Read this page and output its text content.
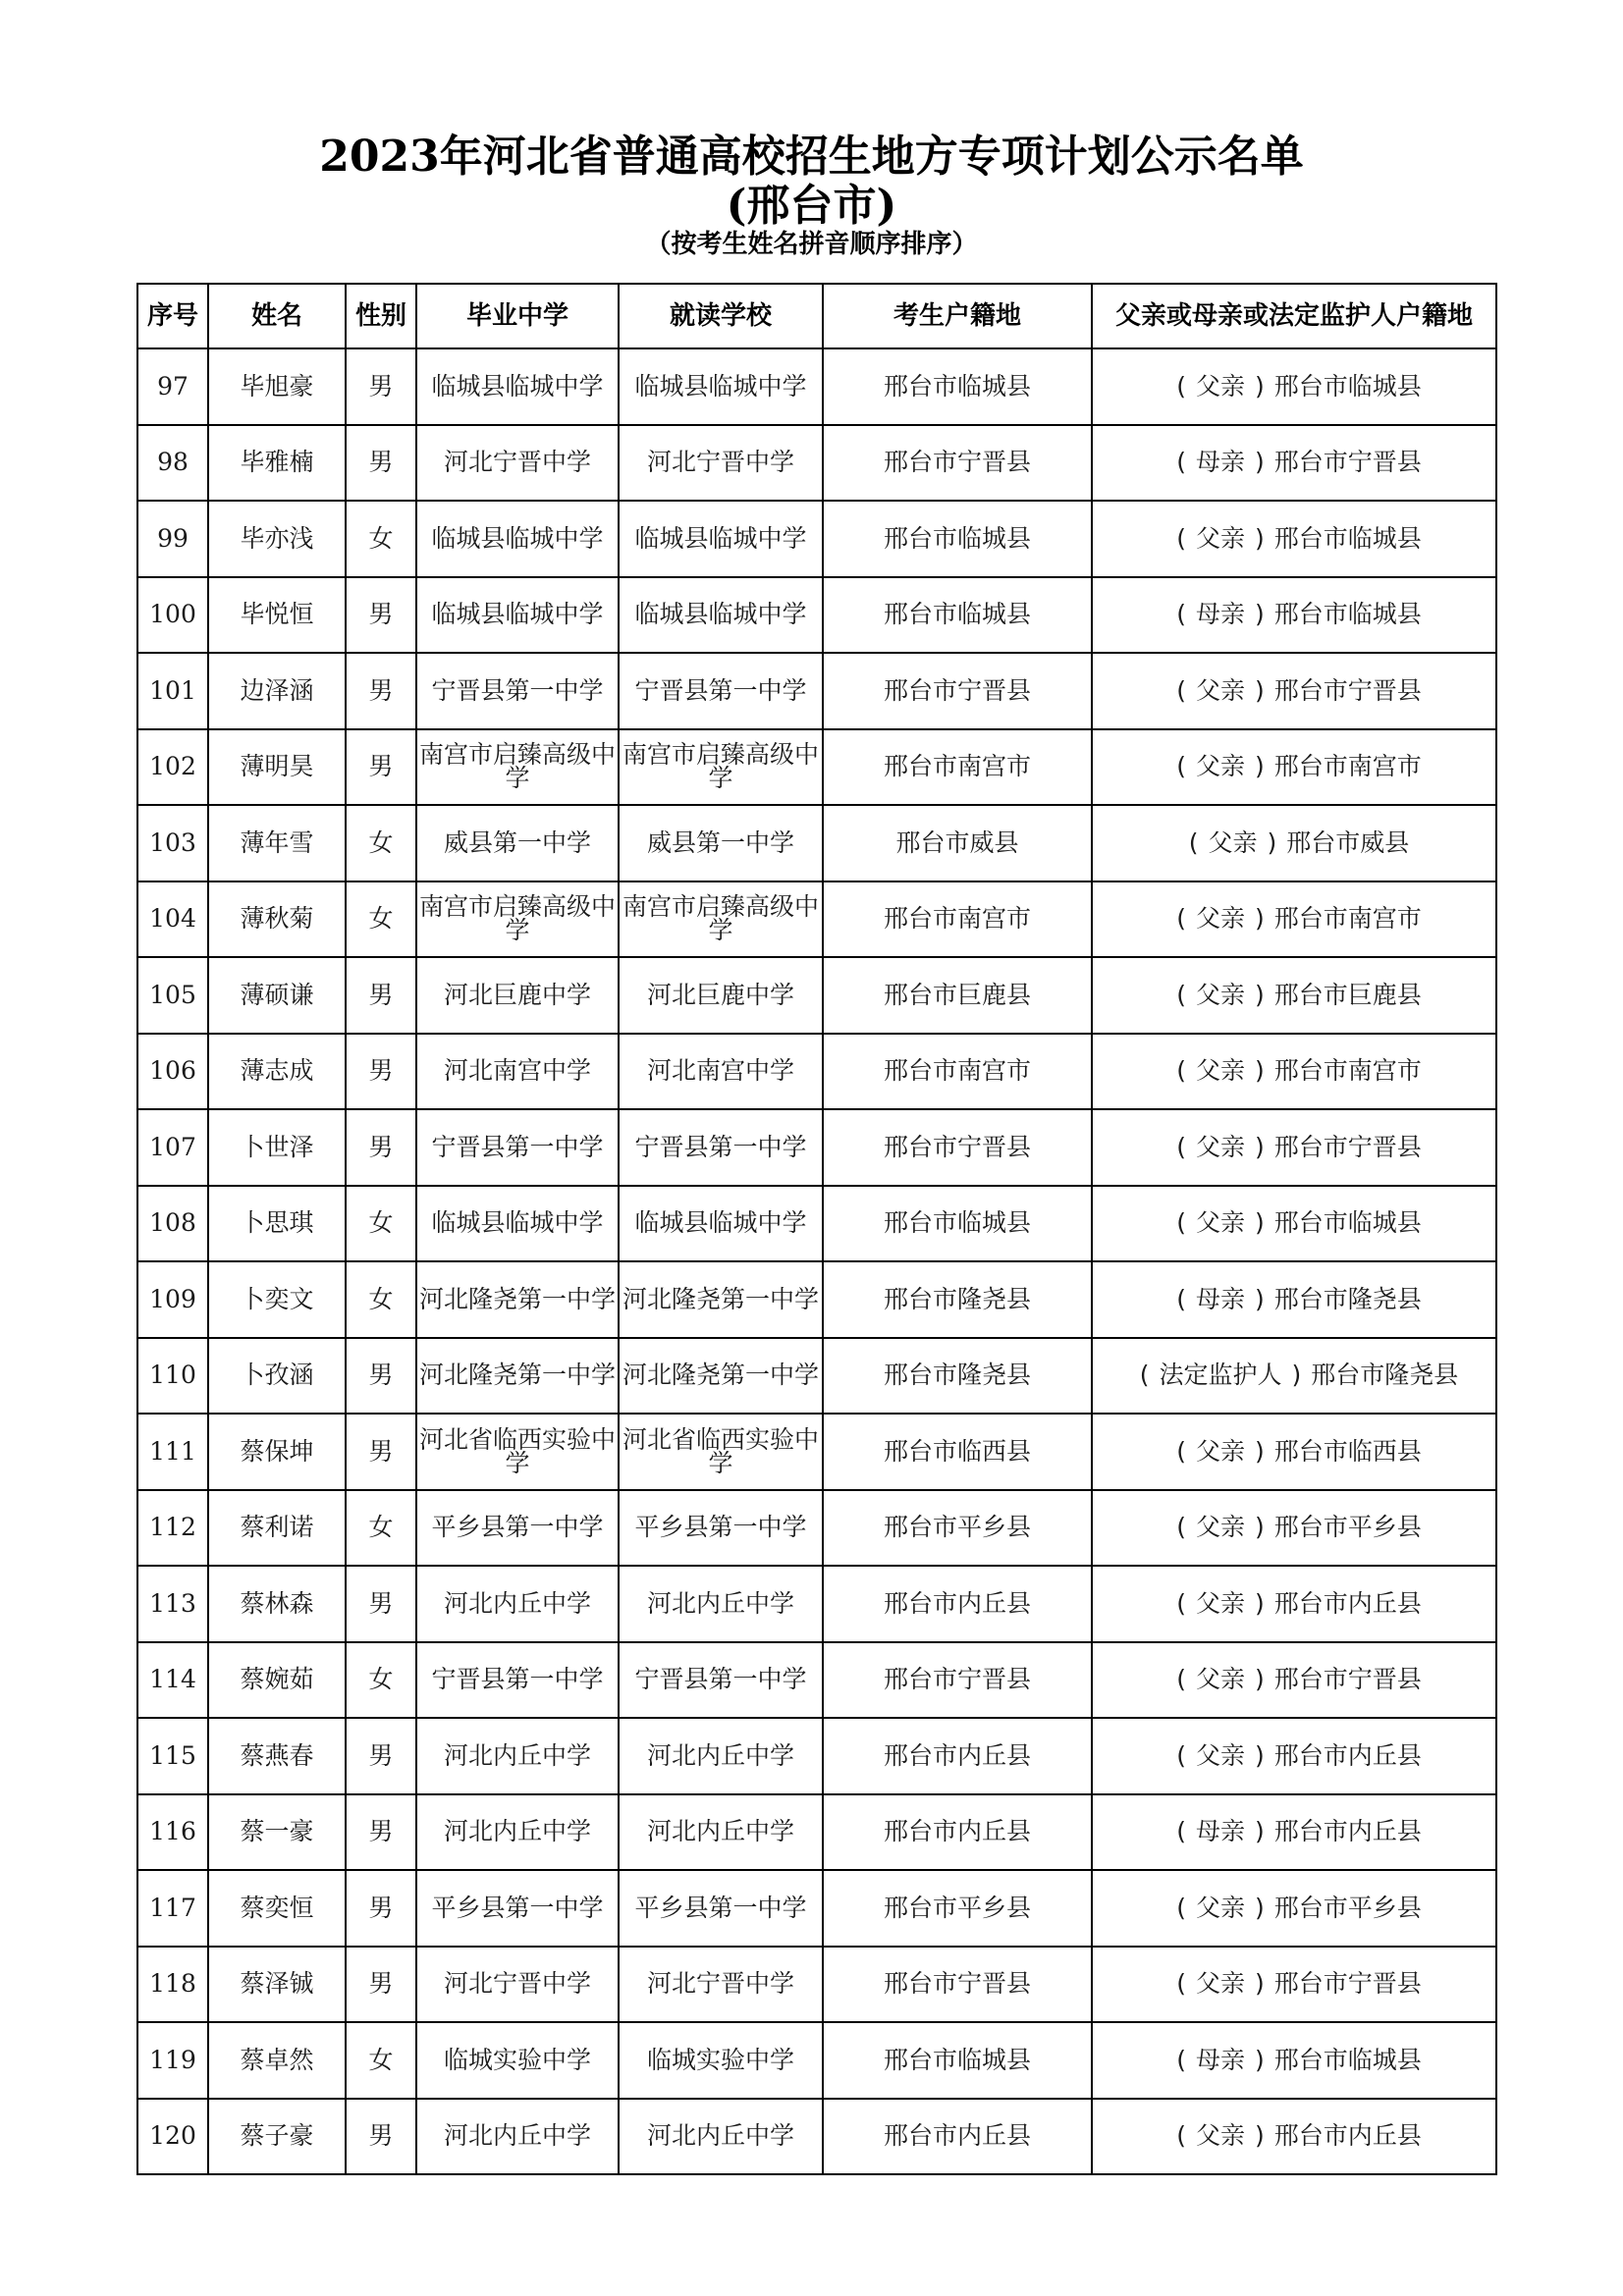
2023年河北省普通高校招生地方专项计划公示名单
(邢台市)
（按考生姓名拼音顺序排序）
序号	姓名	性别	毕业中学	就读学校	考生户籍地	父亲或母亲或法定监护人户籍地
97	毕旭豪	男	临城县临城中学	临城县临城中学	邢台市临城县	( 父亲 ) 邢台市临城县
98	毕雅楠	男	河北宁晋中学	河北宁晋中学	邢台市宁晋县	( 母亲 ) 邢台市宁晋县
99	毕亦浅	女	临城县临城中学	临城县临城中学	邢台市临城县	( 父亲 ) 邢台市临城县
100	毕悦恒	男	临城县临城中学	临城县临城中学	邢台市临城县	( 母亲 ) 邢台市临城县
101	边泽涵	男	宁晋县第一中学	宁晋县第一中学	邢台市宁晋县	( 父亲 ) 邢台市宁晋县
102	薄明昊	男	南宫市启臻高级中学	南宫市启臻高级中学	邢台市南宫市	( 父亲 ) 邢台市南宫市
103	薄年雪	女	威县第一中学	威县第一中学	邢台市威县	( 父亲 ) 邢台市威县
104	薄秋菊	女	南宫市启臻高级中学	南宫市启臻高级中学	邢台市南宫市	( 父亲 ) 邢台市南宫市
105	薄硕谦	男	河北巨鹿中学	河北巨鹿中学	邢台市巨鹿县	( 父亲 ) 邢台市巨鹿县
106	薄志成	男	河北南宫中学	河北南宫中学	邢台市南宫市	( 父亲 ) 邢台市南宫市
107	卜世泽	男	宁晋县第一中学	宁晋县第一中学	邢台市宁晋县	( 父亲 ) 邢台市宁晋县
108	卜思琪	女	临城县临城中学	临城县临城中学	邢台市临城县	( 父亲 ) 邢台市临城县
109	卜奕文	女	河北隆尧第一中学	河北隆尧第一中学	邢台市隆尧县	( 母亲 ) 邢台市隆尧县
110	卜孜涵	男	河北隆尧第一中学	河北隆尧第一中学	邢台市隆尧县	( 法定监护人 ) 邢台市隆尧县
111	蔡保坤	男	河北省临西实验中学	河北省临西实验中学	邢台市临西县	( 父亲 ) 邢台市临西县
112	蔡利诺	女	平乡县第一中学	平乡县第一中学	邢台市平乡县	( 父亲 ) 邢台市平乡县
113	蔡林森	男	河北内丘中学	河北内丘中学	邢台市内丘县	( 父亲 ) 邢台市内丘县
114	蔡婉茹	女	宁晋县第一中学	宁晋县第一中学	邢台市宁晋县	( 父亲 ) 邢台市宁晋县
115	蔡燕春	男	河北内丘中学	河北内丘中学	邢台市内丘县	( 父亲 ) 邢台市内丘县
116	蔡一豪	男	河北内丘中学	河北内丘中学	邢台市内丘县	( 母亲 ) 邢台市内丘县
117	蔡奕恒	男	平乡县第一中学	平乡县第一中学	邢台市平乡县	( 父亲 ) 邢台市平乡县
118	蔡泽铖	男	河北宁晋中学	河北宁晋中学	邢台市宁晋县	( 父亲 ) 邢台市宁晋县
119	蔡卓然	女	临城实验中学	临城实验中学	邢台市临城县	( 母亲 ) 邢台市临城县
120	蔡子豪	男	河北内丘中学	河北内丘中学	邢台市内丘县	( 父亲 ) 邢台市内丘县
